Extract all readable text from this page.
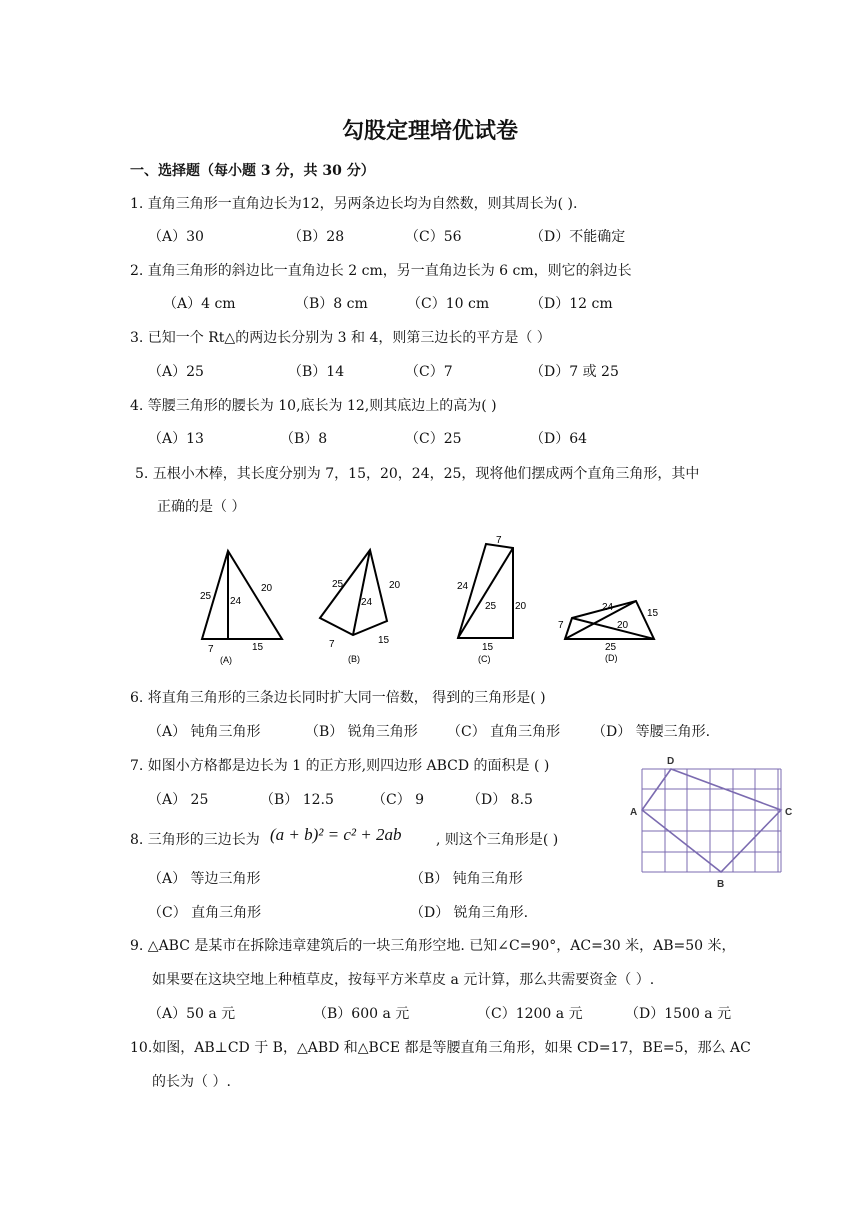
勾股定理培优试卷
一、选择题（每小题 3 分，共 30 分）
1. 直角三角形一直角边长为12，另两条边长均为自然数，则其周长为( ).
（A）30	（B）28	（C）56	（D）不能确定
2. 直角三角形的斜边比一直角边长 2 cm，另一直角边长为 6 cm，则它的斜边长
（A）4 cm	（B）8 cm	（C）10 cm	（D）12 cm
3. 已知一个 Rt△的两边长分别为 3 和 4，则第三边长的平方是（ ）
（A）25	（B）14	（C）7	（D）7 或 25
4. 等腰三角形的腰长为 10,底长为 12,则其底边上的高为( )
（A）13	（B）8	（C）25	（D）64
5. 五根小木棒，其长度分别为 7，15，20，24，25，现将他们摆成两个直角三角形，其中
正确的是（ ）
25 24
20
7	15
(A)
25
24
20
7	15
(B)
7
24
25 20
15
(C)
24
15
7	20
25
(D)
6. 将直角三角形的三条边长同时扩大同一倍数， 得到的三角形是( )
（A） 钝角三角形	（B） 锐角三角形 （C） 直角三角形 （D） 等腰三角形.
7. 如图小方格都是边长为 1 的正方形,则四边形 ABCD 的面积是 ( )
（A） 25	（B） 12.5	（C） 9	（D） 8.5
A
D
C
B
8. 三角形的三边长为 (a + b)² = c² + 2ab , 则这个三角形是( )
（A） 等边三角形	（B） 钝角三角形
（C） 直角三角形	（D） 锐角三角形.
9. △ABC 是某市在拆除违章建筑后的一块三角形空地. 已知∠C=90°，AC=30 米，AB=50 米，
如果要在这块空地上种植草皮，按每平方米草皮 a 元计算，那么共需要资金（ ）.
（A）50 a 元	（B）600 a 元	（C）1200 a 元	（D）1500 a 元
10.如图，AB⊥CD 于 B，△ABD 和△BCE 都是等腰直角三角形，如果 CD=17，BE=5，那么 AC
的长为（ ）.
